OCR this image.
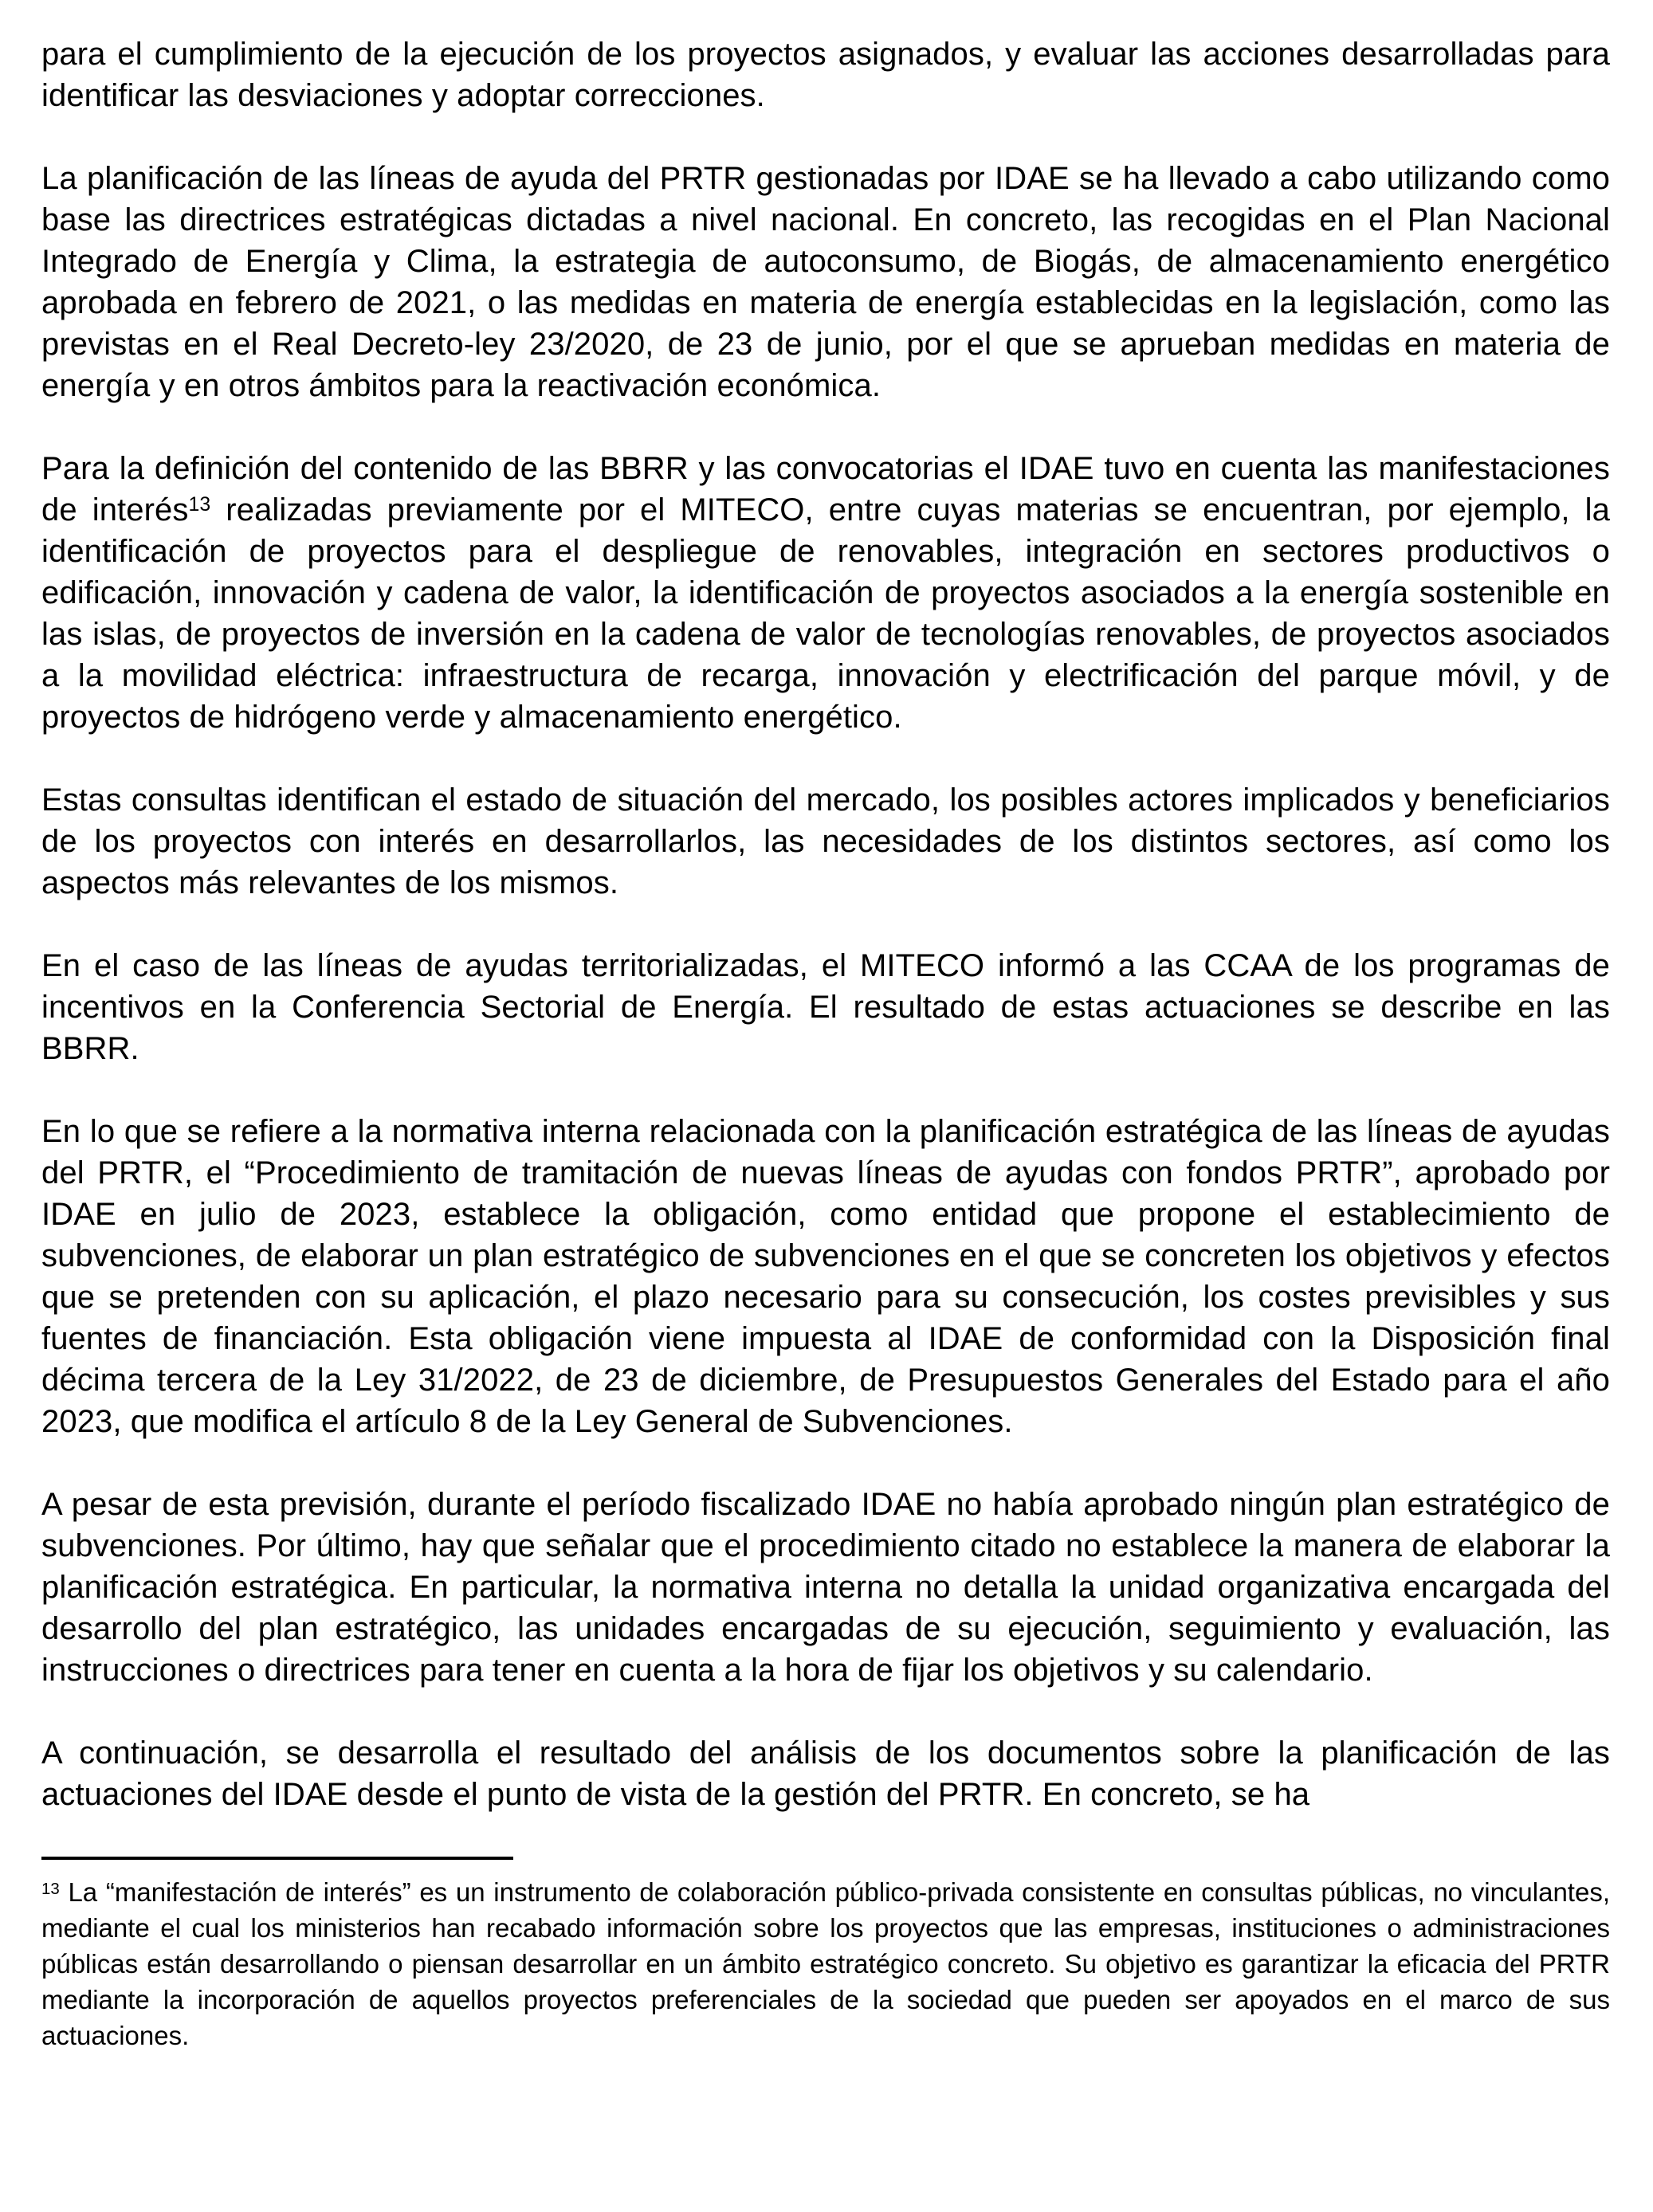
para el cumplimiento de la ejecución de los proyectos asignados, y evaluar las acciones desarrolladas para identificar las desviaciones y adoptar correcciones.

La planificación de las líneas de ayuda del PRTR gestionadas por IDAE se ha llevado a cabo utilizando como base las directrices estratégicas dictadas a nivel nacional. En concreto, las recogidas en el Plan Nacional Integrado de Energía y Clima, la estrategia de autoconsumo, de Biogás, de almacenamiento energético aprobada en febrero de 2021, o las medidas en materia de energía establecidas en la legislación, como las previstas en el Real Decreto-ley 23/2020, de 23 de junio, por el que se aprueban medidas en materia de energía y en otros ámbitos para la reactivación económica.

Para la definición del contenido de las BBRR y las convocatorias el IDAE tuvo en cuenta las manifestaciones de interés$^{13}$ realizadas previamente por el MITECO, entre cuyas materias se encuentran, por ejemplo, la identificación de proyectos para el despliegue de renovables, integración en sectores productivos o edificación, innovación y cadena de valor, la identificación de proyectos asociados a la energía sostenible en las islas, de proyectos de inversión en la cadena de valor de tecnologías renovables, de proyectos asociados a la movilidad eléctrica: infraestructura de recarga, innovación y electrificación del parque móvil, y de proyectos de hidrógeno verde y almacenamiento energético.

Estas consultas identifican el estado de situación del mercado, los posibles actores implicados y beneficiarios de los proyectos con interés en desarrollarlos, las necesidades de los distintos sectores, así como los aspectos más relevantes de los mismos.

En el caso de las líneas de ayudas territorializadas, el MITECO informó a las CCAA de los programas de incentivos en la Conferencia Sectorial de Energía. El resultado de estas actuaciones se describe en las BBRR.

En lo que se refiere a la normativa interna relacionada con la planificación estratégica de las líneas de ayudas del PRTR, el “Procedimiento de tramitación de nuevas líneas de ayudas con fondos PRTR”, aprobado por IDAE en julio de 2023, establece la obligación, como entidad que propone el establecimiento de subvenciones, de elaborar un plan estratégico de subvenciones en el que se concreten los objetivos y efectos que se pretenden con su aplicación, el plazo necesario para su consecución, los costes previsibles y sus fuentes de financiación. Esta obligación viene impuesta al IDAE de conformidad con la Disposición final décima tercera de la Ley 31/2022, de 23 de diciembre, de Presupuestos Generales del Estado para el año 2023, que modifica el artículo 8 de la Ley General de Subvenciones.

A pesar de esta previsión, durante el período fiscalizado IDAE no había aprobado ningún plan estratégico de subvenciones. Por último, hay que señalar que el procedimiento citado no establece la manera de elaborar la planificación estratégica. En particular, la normativa interna no detalla la unidad organizativa encargada del desarrollo del plan estratégico, las unidades encargadas de su ejecución, seguimiento y evaluación, las instrucciones o directrices para tener en cuenta a la hora de fijar los objetivos y su calendario.

A continuación, se desarrolla el resultado del análisis de los documentos sobre la planificación de las actuaciones del IDAE desde el punto de vista de la gestión del PRTR. En concreto, se ha

$^{13}$ La “manifestación de interés” es un instrumento de colaboración público-privada consistente en consultas públicas, no vinculantes, mediante el cual los ministerios han recabado información sobre los proyectos que las empresas, instituciones o administraciones públicas están desarrollando o piensan desarrollar en un ámbito estratégico concreto. Su objetivo es garantizar la eficacia del PRTR mediante la incorporación de aquellos proyectos preferenciales de la sociedad que pueden ser apoyados en el marco de sus actuaciones.
